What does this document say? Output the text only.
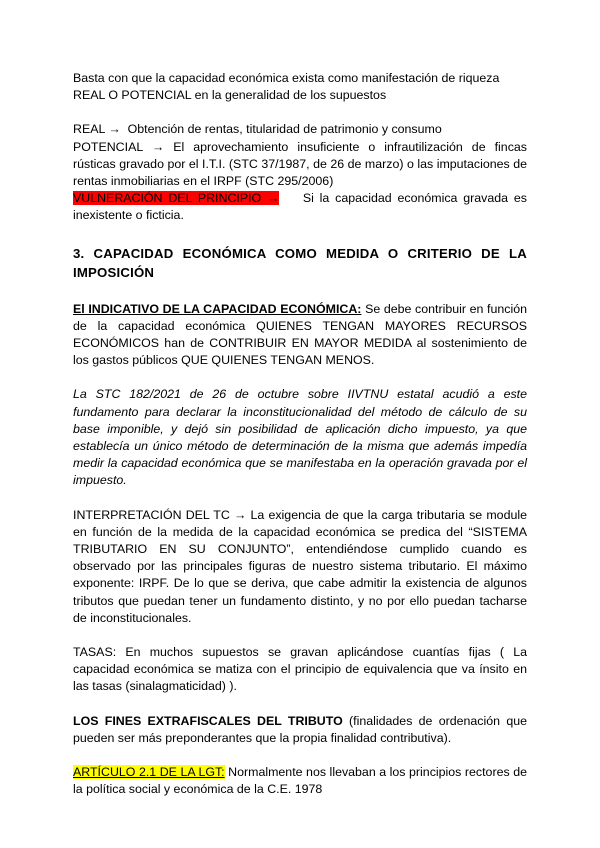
Basta con que la capacidad económica exista como manifestación de riqueza REAL O POTENCIAL en la generalidad de los supuestos

REAL → Obtención de rentas, titularidad de patrimonio y consumo

POTENCIAL → El aprovechamiento insuficiente o infrautilización de fincas rústicas gravado por el I.T.I. (STC 37/1987, de 26 de marzo) o las imputaciones de rentas inmobiliarias en el IRPF (STC 295/2006)

VULNERACIÓN DEL PRINCIPIO → Si la capacidad económica gravada es inexistente o ficticia.

3. CAPACIDAD ECONÓMICA COMO MEDIDA O CRITERIO DE LA IMPOSICIÓN

El INDICATIVO DE LA CAPACIDAD ECONÓMICA: Se debe contribuir en función de la capacidad económica QUIENES TENGAN MAYORES RECURSOS ECONÓMICOS han de CONTRIBUIR EN MAYOR MEDIDA al sostenimiento de los gastos públicos QUE QUIENES TENGAN MENOS.

La STC 182/2021 de 26 de octubre sobre IIVTNU estatal acudió a este fundamento para declarar la inconstitucionalidad del método de cálculo de su base imponible, y dejó sin posibilidad de aplicación dicho impuesto, ya que establecía un único método de determinación de la misma que además impedía medir la capacidad económica que se manifestaba en la operación gravada por el impuesto.

INTERPRETACIÓN DEL TC → La exigencia de que la carga tributaria se module en función de la medida de la capacidad económica se predica del “SISTEMA TRIBUTARIO EN SU CONJUNTO”, entendiéndose cumplido cuando es observado por las principales figuras de nuestro sistema tributario. El máximo exponente: IRPF. De lo que se deriva, que cabe admitir la existencia de algunos tributos que puedan tener un fundamento distinto, y no por ello puedan tacharse de inconstitucionales.

TASAS: En muchos supuestos se gravan aplicándose cuantías fijas ( La capacidad económica se matiza con el principio de equivalencia que va ínsito en las tasas (sinalagmaticidad) ).

LOS FINES EXTRAFISCALES DEL TRIBUTO (finalidades de ordenación que pueden ser más preponderantes que la propia finalidad contributiva).

ARTÍCULO 2.1 DE LA LGT: Normalmente nos llevaban a los principios rectores de la política social y económica de la C.E. 1978
